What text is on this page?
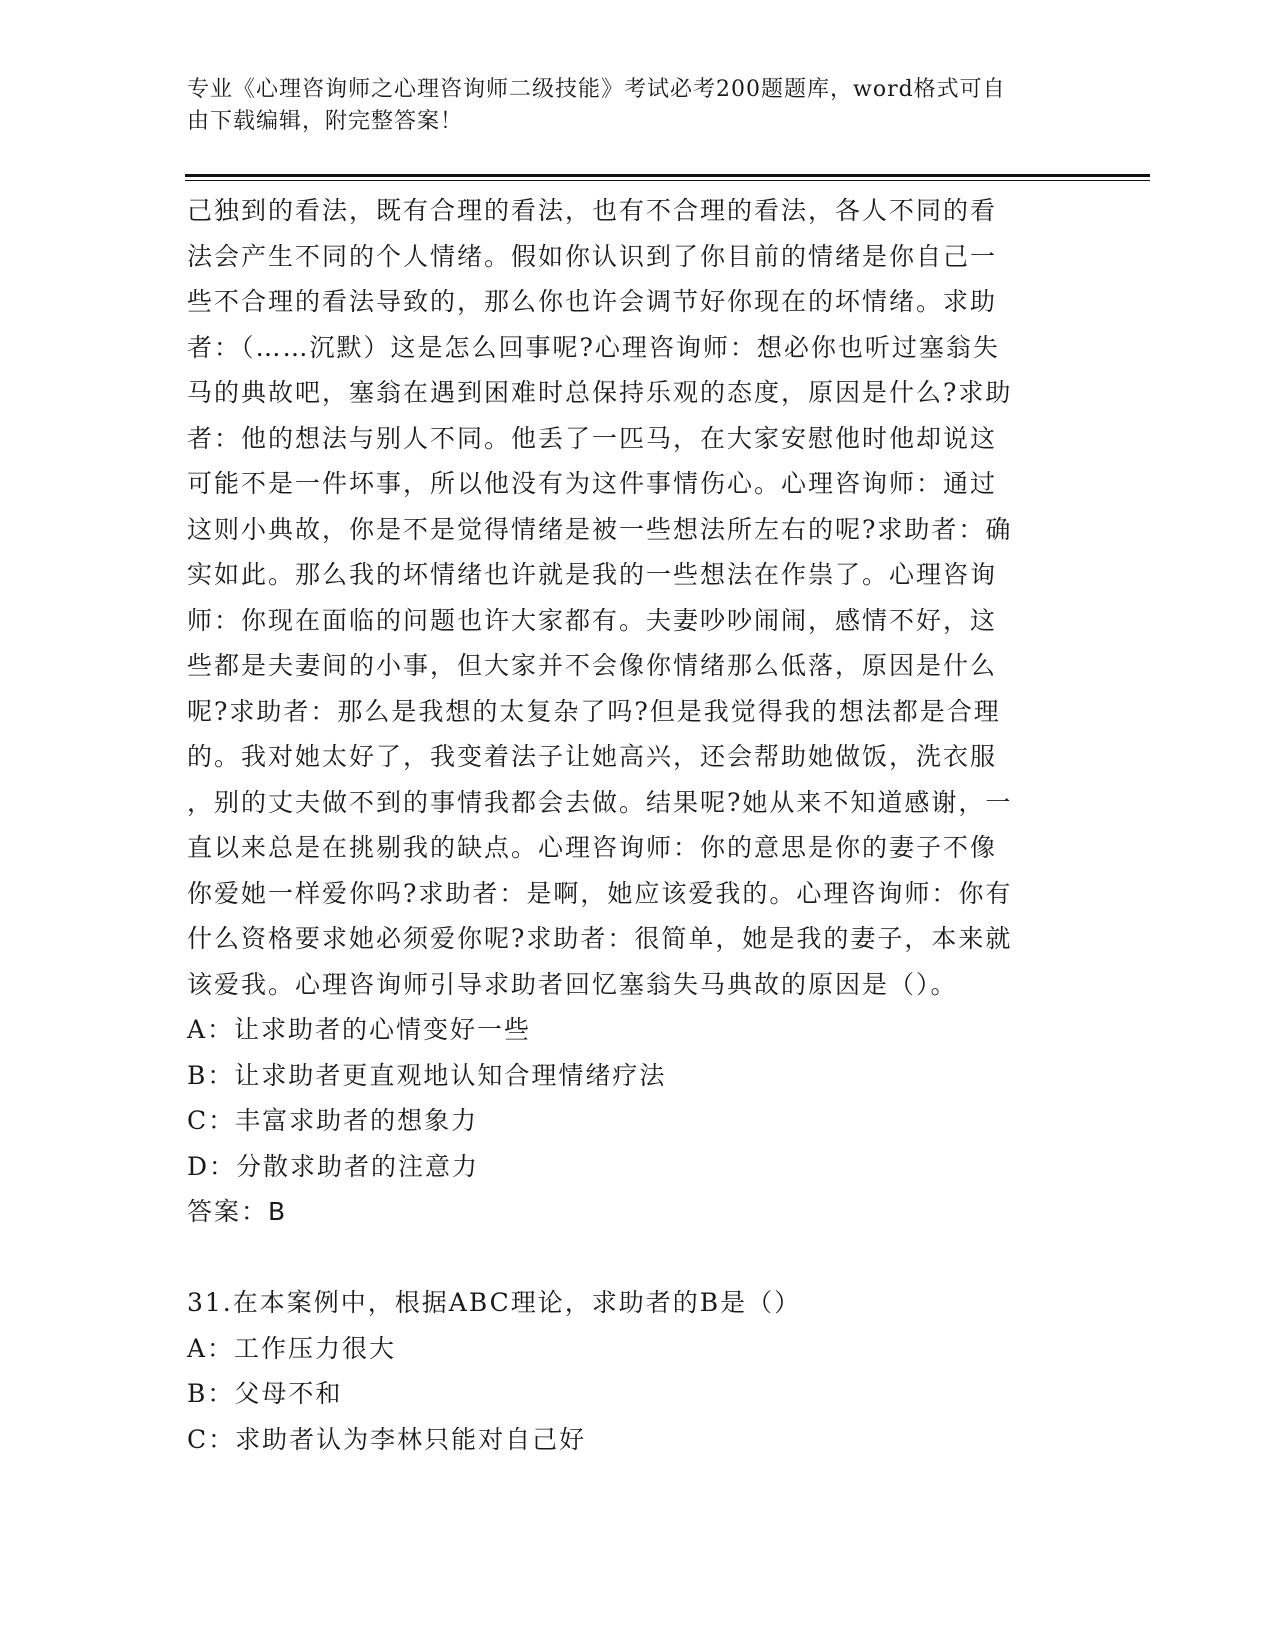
专业《心理咨询师之心理咨询师二级技能》考试必考200题题库，word格式可自
由下载编辑，附完整答案！
己独到的看法，既有合理的看法，也有不合理的看法，各人不同的看
法会产生不同的个人情绪。假如你认识到了你目前的情绪是你自己一
些不合理的看法导致的，那么你也许会调节好你现在的坏情绪。求助
者：（……沉默）这是怎么回事呢?心理咨询师：想必你也听过塞翁失
马的典故吧，塞翁在遇到困难时总保持乐观的态度，原因是什么?求助
者：他的想法与别人不同。他丢了一匹马，在大家安慰他时他却说这
可能不是一件坏事，所以他没有为这件事情伤心。心理咨询师：通过
这则小典故，你是不是觉得情绪是被一些想法所左右的呢?求助者：确
实如此。那么我的坏情绪也许就是我的一些想法在作祟了。心理咨询
师：你现在面临的问题也许大家都有。夫妻吵吵闹闹，感情不好，这
些都是夫妻间的小事，但大家并不会像你情绪那么低落，原因是什么
呢?求助者：那么是我想的太复杂了吗?但是我觉得我的想法都是合理
的。我对她太好了，我变着法子让她高兴，还会帮助她做饭，洗衣服
，别的丈夫做不到的事情我都会去做。结果呢?她从来不知道感谢，一
直以来总是在挑剔我的缺点。心理咨询师：你的意思是你的妻子不像
你爱她一样爱你吗?求助者：是啊，她应该爱我的。心理咨询师：你有
什么资格要求她必须爱你呢?求助者：很简单，她是我的妻子，本来就
该爱我。心理咨询师引导求助者回忆塞翁失马典故的原因是（）。
A：让求助者的心情变好一些
B：让求助者更直观地认知合理情绪疗法
C：丰富求助者的想象力
D：分散求助者的注意力
答案：B
31.在本案例中，根据ABC理论，求助者的B是（）
A：工作压力很大
B：父母不和
C：求助者认为李林只能对自己好
